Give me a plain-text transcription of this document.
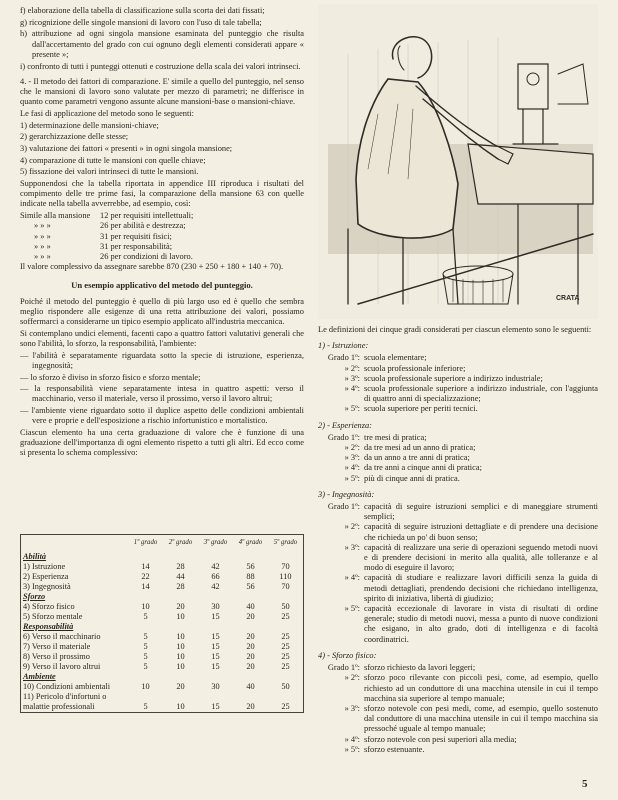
f) elaborazione della tabella di classificazione sulla scorta dei dati fissati;

g) ricognizione delle singole mansioni di lavoro con l'uso di tale tabella;

h) attribuzione ad ogni singola mansione esaminata del punteggio che risulta dall'accertamento del grado con cui ognuno degli elementi considerati appare « presente »;

i) confronto di tutti i punteggi ottenuti e costruzione della scala dei valori intrinseci.

4. - Il metodo dei fattori di comparazione. E' simile a quello del punteggio, nel senso che le mansioni di lavoro sono valutate per mezzo di parametri; ne differisce in quanto come parametri vengono assunte alcune mansioni-base o mansioni-chiave.

Le fasi di applicazione del metodo sono le seguenti:

1) determinazione delle mansioni-chiave;

2) gerarchizzazione delle stesse;

3) valutazione dei fattori « presenti » in ogni singola mansione;

4) comparazione di tutte le mansioni con quelle chiave;

5) fissazione dei valori intrinseci di tutte le mansioni.

Supponendosi che la tabella riportata in appendice III riproduca i risultati del compimento delle tre prime fasi, la comparazione della mansione 63 con quelle indicate nella tabella avverrebbe, ad esempio, così:

Simile alla mansione	12 per requisiti intellettuali;
» » »	26 per abilità e destrezza;
» » »	31 per requisiti fisici;
» » »	31 per responsabilità;
» » »	26 per condizioni di lavoro.

Il valore complessivo da assegnare sarebbe 870 (230 + 250 + 180 + 140 + 70).

Un esempio applicativo del metodo del punteggio.

Poiché il metodo del punteggio è quello di più largo uso ed è quello che sembra meglio rispondere alle esigenze di una retta attribuzione dei valori, possiamo soffermarci a considerarne un tipico esempio applicato all'industria meccanica.

Si contemplano undici elementi, facenti capo a quattro fattori valutativi generali che sono l'abilità, lo sforzo, la responsabilità, l'ambiente:

— l'abilità è separatamente riguardata sotto la specie di istruzione, esperienza, ingegnosità;

— lo sforzo è diviso in sforzo fisico e sforzo mentale;

— la responsabilità viene separatamente intesa in quattro aspetti: verso il macchinario, verso il materiale, verso il prossimo, verso il lavoro altrui;

— l'ambiente viene riguardato sotto il duplice aspetto delle condizioni ambientali vere e proprie e dell'esposizione a rischio infortunistico e mortalistico.

Ciascun elemento ha una certa graduazione di valore che è funzione di una graduazione dell'importanza di ogni elemento rispetto a tutti gli altri. Ed ecco come si presenta lo schema complessivo:

	1º grado	2º grado	3º grado	4º grado	5º grado
Abilità					
1) Istruzione	14	28	42	56	70
2) Esperienza	22	44	66	88	110
3) Ingegnosità	14	28	42	56	70
Sforzo					
4) Sforzo fisico	10	20	30	40	50
5) Sforzo mentale	5	10	15	20	25
Responsabilità					
6) Verso il macchinario	5	10	15	20	25
7) Verso il materiale	5	10	15	20	25
8) Verso il prossimo	5	10	15	20	25
9) Verso il lavoro altrui	5	10	15	20	25
Ambiente					
10) Condizioni ambientali	10	20	30	40	50
11) Pericolo d'infortuni o malattie professionali	5	10	15	20	25
CRATA

Le definizioni dei cinque gradi considerati per ciascun elemento sono le seguenti:

1) - Istruzione:
Grado 1º: scuola elementare;
» 2º: scuola professionale inferiore;
» 3º: scuola professionale superiore a indirizzo industriale;
» 4º: scuola professionale superiore a indirizzo industriale, con l'aggiunta di quattro anni di specializzazione;
» 5º: scuola superiore per periti tecnici.
2) - Esperienza:
Grado 1º: tre mesi di pratica;
» 2º: da tre mesi ad un anno di pratica;
» 3º: da un anno a tre anni di pratica;
» 4º: da tre anni a cinque anni di pratica;
» 5º: più di cinque anni di pratica.
3) - Ingegnosità:
Grado 1º: capacità di seguire istruzioni semplici e di maneggiare strumenti semplici;
» 2º: capacità di seguire istruzioni dettagliate e di prendere una decisione che richieda un po' di buon senso;
» 3º: capacità di realizzare una serie di operazioni seguendo metodi nuovi e di prendere decisioni in merito alla qualità, alle tolleranze e al modo di eseguire il lavoro;
» 4º: capacità di studiare e realizzare lavori difficili senza la guida di metodi dettagliati, prendendo decisioni che richiedano intelligenza, spirito di iniziativa, libertà di giudizio;
» 5º: capacità eccezionale di lavorare in vista di risultati di ordine generale; studio di metodi nuovi, messa a punto di nuove condizioni che esigano, in alto grado, doti di intelligenza e di facoltà coordinatrici.
4) - Sforzo fisico:
Grado 1º: sforzo richiesto da lavori leggeri;
» 2º: sforzo poco rilevante con piccoli pesi, come, ad esempio, quello richiesto ad un conduttore di una macchina utensile in cui il tempo macchina sia superiore al tempo manuale;
» 3º: sforzo notevole con pesi medi, come, ad esempio, quello sostenuto dal conduttore di una macchina utensile in cui il tempo macchina sia pressoché uguale al tempo manuale;
» 4º: sforzo notevole con pesi superiori alla media;
» 5º: sforzo estenuante.
5
